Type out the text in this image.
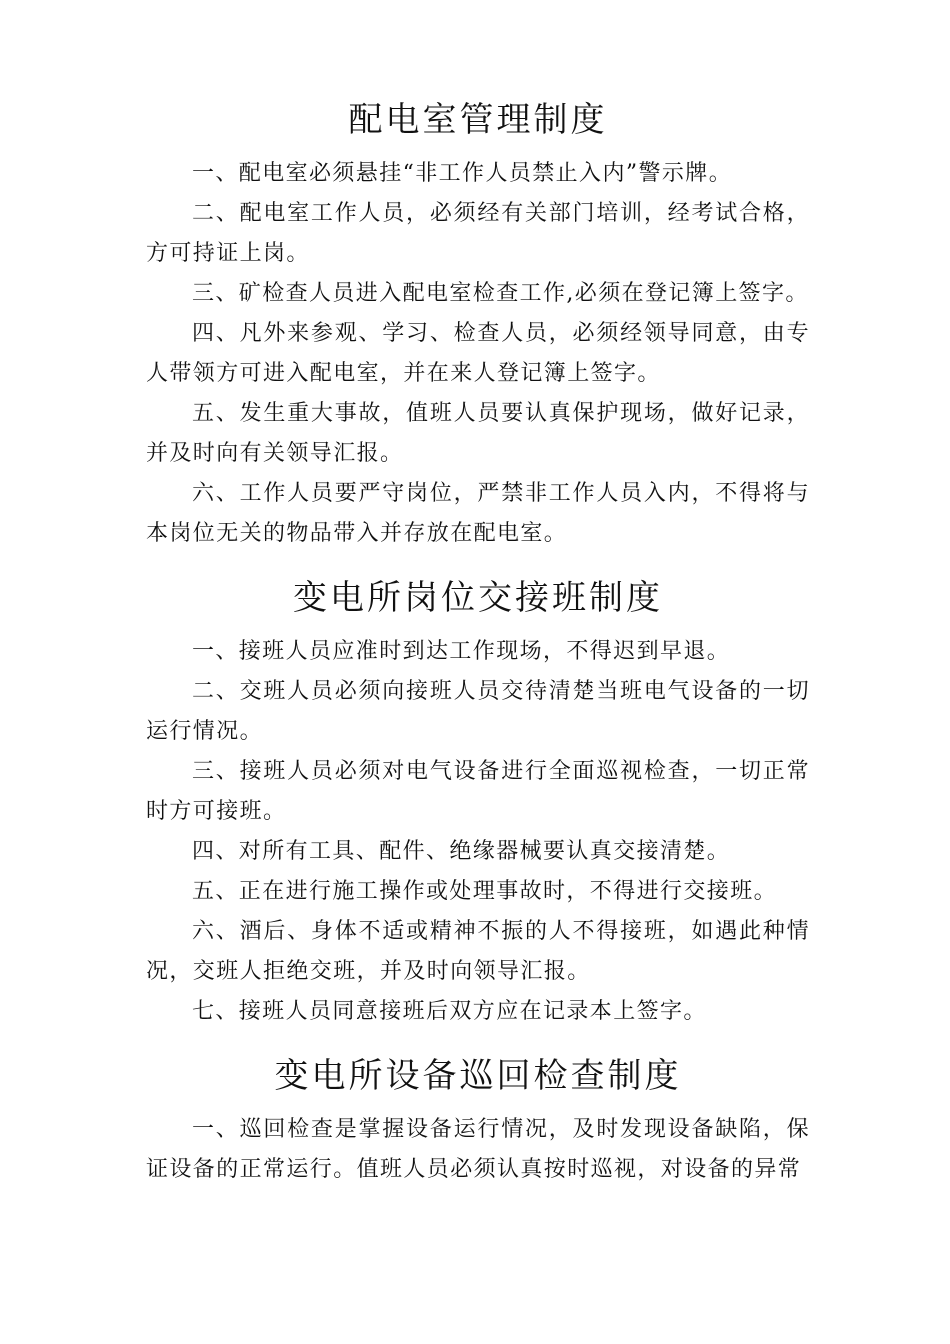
配电室管理制度

一、配电室必须悬挂“非工作人员禁止入内”警示牌。

二、配电室工作人员，必须经有关部门培训，经考试合格，方可持证上岗。

三、矿检查人员进入配电室检查工作,必须在登记簿上签字。

四、凡外来参观、学习、检查人员，必须经领导同意，由专人带领方可进入配电室，并在来人登记簿上签字。

五、发生重大事故，值班人员要认真保护现场，做好记录，并及时向有关领导汇报。

六、工作人员要严守岗位，严禁非工作人员入内，不得将与本岗位无关的物品带入并存放在配电室。

变电所岗位交接班制度

一、接班人员应准时到达工作现场，不得迟到早退。

二、交班人员必须向接班人员交待清楚当班电气设备的一切运行情况。

三、接班人员必须对电气设备进行全面巡视检查，一切正常时方可接班。

四、对所有工具、配件、绝缘器械要认真交接清楚。

五、正在进行施工操作或处理事故时，不得进行交接班。

六、酒后、身体不适或精神不振的人不得接班，如遇此种情况，交班人拒绝交班，并及时向领导汇报。

七、接班人员同意接班后双方应在记录本上签字。

变电所设备巡回检查制度

一、巡回检查是掌握设备运行情况，及时发现设备缺陷，保证设备的正常运行。值班人员必须认真按时巡视，对设备的异常
